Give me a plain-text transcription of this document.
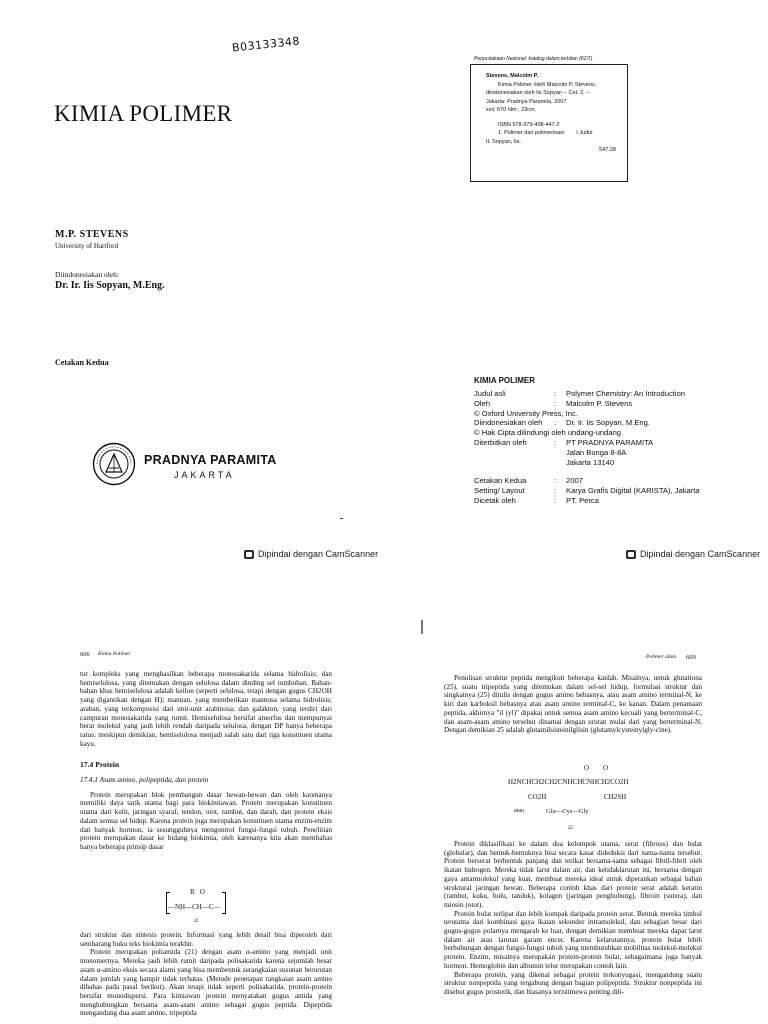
B03133348
KIMIA POLIMER
M.P. STEVENS
University of Hartford
Diindonesiakan oleh:
Dr. Ir. Iis Sopyan, M.Eng.
Cetakan Kedua
PRADNYA PARAMITA
JAKARTA
Dipindai dengan CamScanner
Perpustakaan Nasional: katalog dalam terbitan (KDT)
Stevens, Malcolm P.
Kimia Polimer /oleh Malcolm P. Stevens,
diindonesiakan oleh Iis Sopyan -- Cet. 2. --
Jakarta: Pradnya Paramita, 2007
xxii; 670 hlm ; 23cm.
ISBN 978-979-408-447-2
1. Polimer dan polimerisasi        I Judul
II. Sopyan, Iis.
547.28
KIMIA POLIMER
Judul asli	:	Polymer Chemistry: An Introduction
Oleh	:	Malcolm P. Stevens
© Oxford University Press, Inc.
Diindonesiakan oleh	:	Dr. Ir. Iis Sopyan, M.Eng.
© Hak Cipta dilindungi oleh undang-undang
Diterbitkan oleh	:	PT PRADNYA PARAMITA
Jalan Bunga 8-8A
Jakarta 13140
Cetakan Kedua	:	2007
Setting/ Layout	:	Karya Grafis Digital (KARISTA), Jakarta
Dicetak oleh	:	PT. Perca
Dipindai dengan CamScanner
606 Kimia Polimer

tur kompleks yang menghasilkan beberapa monosakarida selama hidrolisis; dan hemiselulosa, yang ditemukan dengan selulosa dalam dinding sel tumbuhan. Bahan-bahan khas hemiselulosa adalah keilon (seperti selulosa, tetapi dengan gugus CH2OH yang digantikan dengan H); mannan, yang memberikan mannosa selama hidrolisis; araban, yang terkomposisi dari unit-unit arabinosa; dan galakton, yang terdiri dari campuran monosakarida yang rumit. Hemiselulosa bersifat amorfus dan mempunyai berat molekul yang jauh lebih rendah daripada selulosa, dengan DP hanya beberapa ratus; meskipun demikian, hemiselulosa menjadi salah satu dari tiga konstituen utama kayu.

17.4 Protein
17.4.1 Asam amino, polipeptida, dan protein

Protein merupakan blok pembangun dasar hewan-hewan dan oleh karenanya memiliki daya tarik utama bagi para biokimiawan. Protein merupakan konstituen utama dari kulit, jaringan syaraf, tendon, otot, rambut, dan darah, dan protein eksis dalam semua sel hidup. Karena protein juga merupakan konstituen utama enzim-enzim dan banyak hormon, ia sesungguhnya mengontrol fungsi-fungsi tubuh. Penelitian protein merupakan dasar ke bidang biokimia, oleh karenanya kita akan membahas hanya beberapa prinsip dasar

R   O
—NH—CH—C—
21

dari struktur dan sintesis protein. Informasi yang lebih detail bisa diperoleh dari sembarang buku teks biokimia terakhir.

Protein merupakan poliamida (21) dengan asam α-amino yang menjadi unit monomernya. Mereka jauh lebih rumit daripada polisakarida karena sejumlah besar asam α-amino eksis secara alami yang bisa membentuk serangkaian susunan berurutan dalam jumlah yang hampir tidak terbatas. (Metode penetapan rangkaian asam amino dibahas pada pasal berikut). Akan tetapi tidak seperti polisakarida, protein-protein bersifat monodispersi. Para kimiawan protein menyatakan gugus amida yang menghubungkan bersama asam-asam amino sebagai gugus peptida. Dipeptida mengandung dua asam amino, tripeptida

Polimer alam 609

Penulisan struktur peptida mengikuti beberapa kaidah. Misalnya, untuk glutationa (25), suatu tripeptida yang ditemukan dalam sel-sel hidup, formulasi struktur dan singkatnya (25) ditulis dengan gugus amino bebasnya, atau asam amino terminal-N, ke kiri dan karboksil bebasnya atau asam amino terminal-C, ke kanan. Dalam penamaan peptida, akhirnya "il (yl)" dipakai untuk semua asam amino kecuali yang berterminal-C, dan asam-asam amino tersebut dinamai dengan urutan mulai dari yang berterminal-N. Dengan demikian 25 adalah glutamilsisteinilglisin (glutamylcysteinylgly-cine).

O        O
H2NCHCH2CH2CNHCHCNHCH2CO2H
CO2H	CH2SH
atau	Glu—Cys—Gly
25

Protein diklasifikasi ke dalam dua kelompok utama, serat (fibrous) dan bulat (globular), dan bentuk-bentuknya bisa secara kasar dideduksi dari nama-nama tersebut. Protein berserat berbentuk panjang dan terikat bersama-sama sebagai fibril-fibril oleh ikatan hidrogen. Mereka tidak larut dalam air, dan ketidaklarutan ini, bersama dengan gaya antarmolekul yang kuat, membuat mereka ideal untuk diperankan sebagai bahan struktural jaringan hewan. Beberapa contoh khas dari protein serat adalah keratin (rambut, kuku, bulu, tanduk), kolagen (jaringan penghubung), fibroin (sutera), dan miosin (otot).

Protein bulat terlipat dan lebih kompak daripada protein serat. Bentuk mereka timbul terutama dari kombinasi gaya ikatan sekunder intramolekul, dan sebagian besar dari gugus-gugus polarnya mengarah ke luar, dengan demikian membuat mereka dapat larut dalam air atau larutan garam encer. Karena kelarutannya, protein bulat lebih berhubungan dengan fungsi-fungsi tubuh yang membutuhkan mobilitas molekul-molekul protein. Enzim, misalnya merupakan protein-protein bulat, sebagaimana juga banyak hormon. Hemoglobin dan albumin telur merupakan contoh lain.

Beberapa protein, yang dikenal sebagai protein terkonyugasi, mengandung suatu struktur nonpeptida yang tergabung dengan bagian polipeptida. Struktur nonpeptida ini disebut gugus prostetik, dan biasanya teristimewa penting dili-
